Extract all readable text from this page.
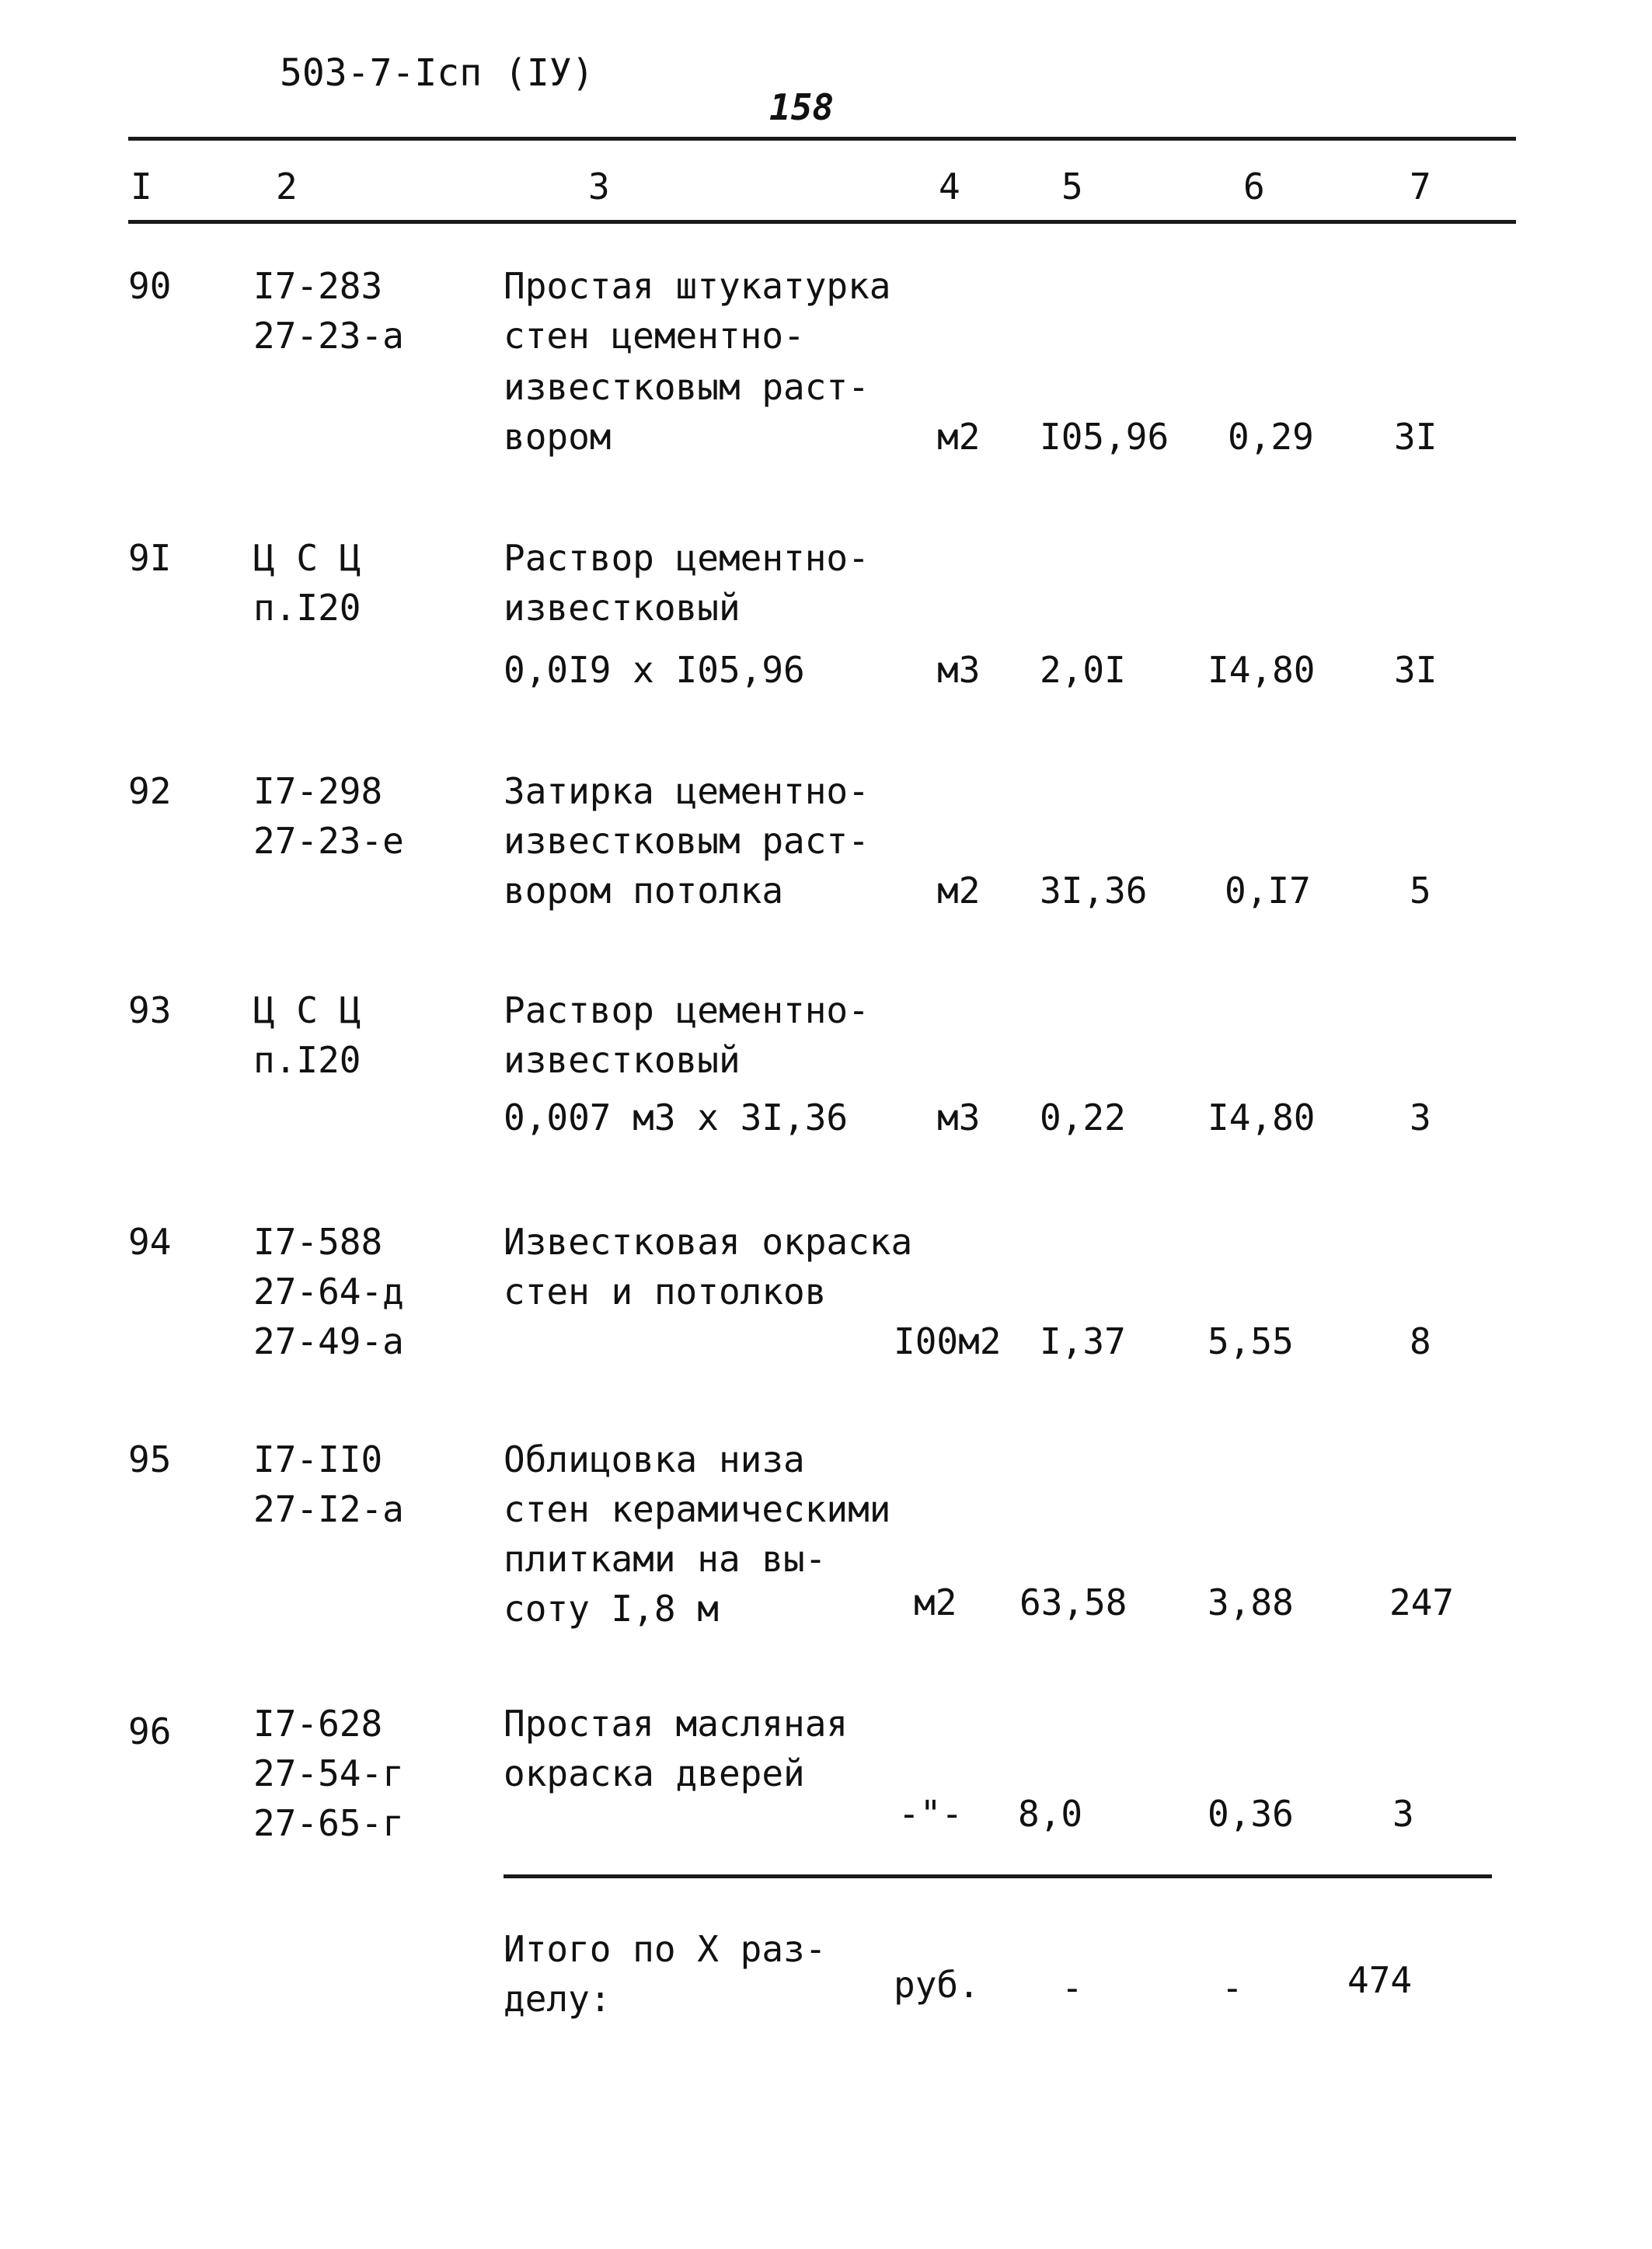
503-7-Iсп (IУ)
158
I	2	3	4	5	6	7
90 I7-283
27-23-а
Простая штукатурка
стен цементно-
известковым раст-
вором	м2 I05,96 0,29 3I
9I Ц С Ц
п.I20
Раствор цементно-
известковый
0,0I9 х I05,96	м3 2,0I I4,80 3I
92 I7-298
27-23-е
Затирка цементно-
известковым раст-
вором потолка	м2 3I,36 0,I7	5
93 Ц С Ц
п.I20
Раствор цементно-
известковый
0,007 м3 х 3I,36 м3 0,22 I4,80	3
94 I7-588
27-64-д
27-49-а
Известковая окраска
стен и потолков
I00м2 I,37 5,55	8
95 I7-II0
27-I2-а
Облицовка низа
стен керамическими
плитками на вы-
соту I,8 м	м2 63,58 3,88	247
96 I7-628
27-54-г
27-65-г
Простая масляная
окраска дверей
-"- 8,0	0,36	3
Итого по Х раз-
делу:	руб. -	-	474
